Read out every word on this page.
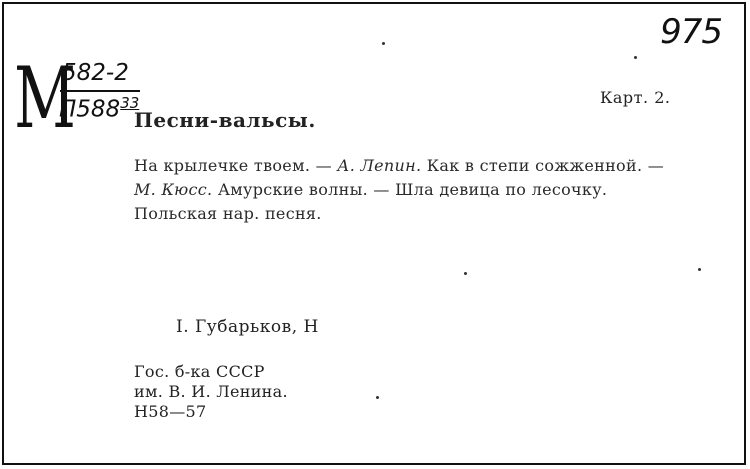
М
582-2
$П588^{33}$
975
Карт. 2.
Песни-вальсы.
На крылечке твоем. — А. Лепин. Как в степи сожженной. — М. Кюсс. Амурские волны. — Шла девица по лесочку. Польская нар. песня.
I. Губарьков, Н
Гос. б-ка СССР
им. В. И. Ленина.
Н58—57
